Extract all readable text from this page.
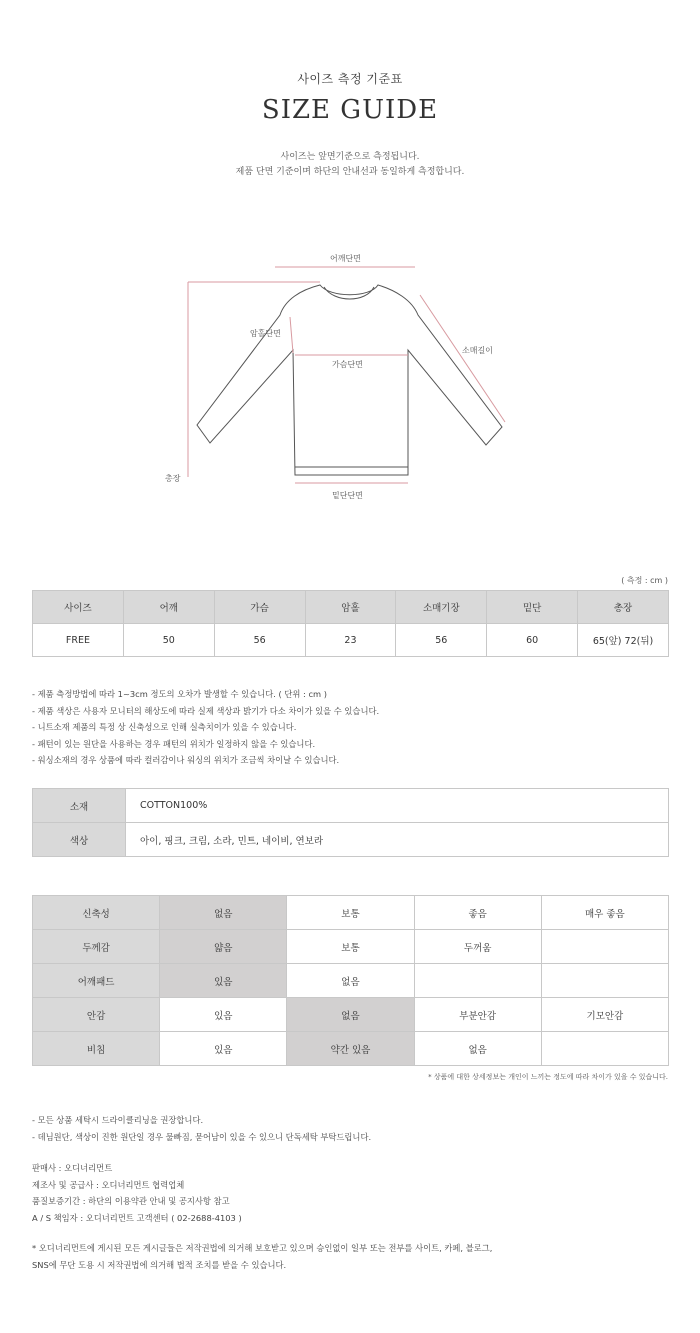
사이즈 측정 기준표
SIZE GUIDE
사이즈는 앞면기준으로 측정됩니다.
제품 단면 기준이며 하단의 안내선과 동일하게 측정합니다.
어깨단면
암홀단면
가슴단면
소매길이
총장
밑단단면
( 측정 : cm )
사이즈	어깨	가슴	암홀	소매기장	밑단	총장
FREE	50	56	23	56	60	65(앞) 72(뒤)
- 제품 측정방법에 따라 1~3cm 정도의 오차가 발생할 수 있습니다. ( 단위 : cm )
- 제품 색상은 사용자 모니터의 해상도에 따라 실제 색상과 밝기가 다소 차이가 있을 수 있습니다.
- 니트소재 제품의 특정 상 신축성으로 인해 실측치이가 있을 수 있습니다.
- 패턴이 있는 원단을 사용하는 경우 패턴의 위치가 일정하지 않을 수 있습니다.
- 워싱소재의 경우 상품에 따라 컬러감이나 워싱의 위치가 조금씩 차이날 수 있습니다.
소재	COTTON100%
색상	아이, 핑크, 크림, 소라, 민트, 네이비, 연보라
신축성	없음	보통	좋음	매우 좋음
두께감	얇음	보통	두꺼움	
어깨패드	있음	없음		
안감	있음	없음	부분안감	기모안감
비침	있음	약간 있음	없음	
* 상품에 대한 상세정보는 개인이 느끼는 정도에 따라 차이가 있을 수 있습니다.
- 모든 상품 세탁시 드라이클리닝을 권장합니다.
- 데님원단, 색상이 진한 원단일 경우 물빠짐, 묻어남이 있을 수 있으니 단독세탁 부탁드립니다.
판매사 : 오디너리먼트
제조사 및 공급사 : 오디너리먼트 협력업체
품질보증기간 : 하단의 이용약관 안내 및 공지사항 참고
A / S 책임자 : 오디너리먼트 고객센터 ( 02-2688-4103 )
* 오디너리먼트에 게시된 모든 게시글들은 저작권법에 의거해 보호받고 있으며 승인없이 일부 또는 전부를 사이트, 카페, 블로그,
SNS에 무단 도용 시 저작권법에 의거해 법적 조치를 받을 수 있습니다.
